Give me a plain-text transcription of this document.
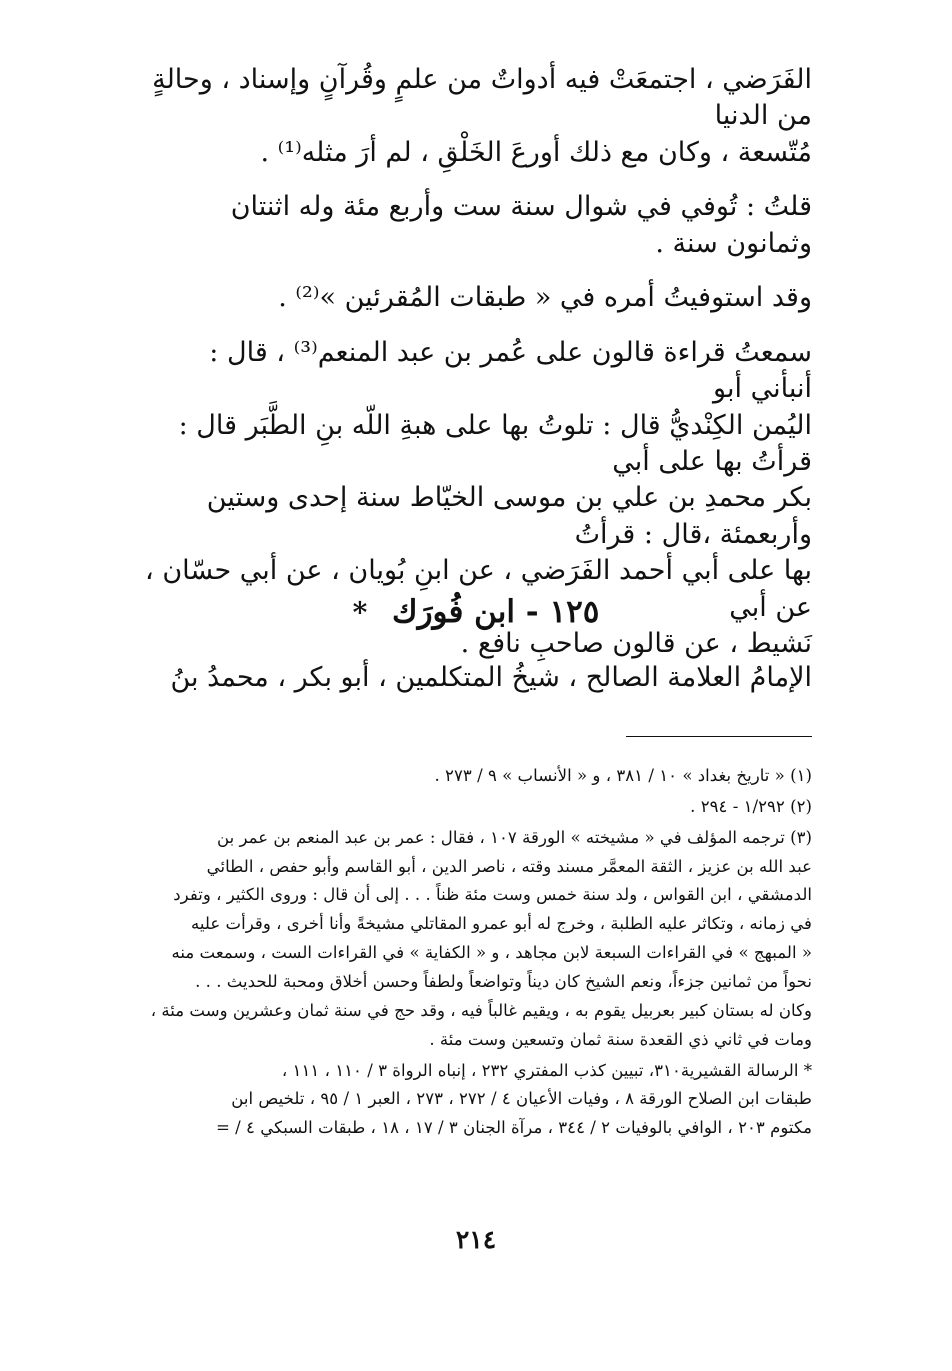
الفَرَضي ، اجتمعَتْ فيه أدواتٌ من علمٍ وقُرآنٍ وإسناد ، وحالةٍ من الدنيا
مُتّسعة ، وكان مع ذلك أورعَ الخَلْقِ ، لم أرَ مثله⁽¹⁾ .

قلتُ : تُوفي في شوال سنة ست وأربع مئة وله اثنتان وثمانون سنة .

وقد استوفيتُ أمره في « طبقات المُقرئين »⁽²⁾ .

سمعتُ قراءة قالون على عُمر بن عبد المنعم⁽³⁾ ، قال : أنبأني أبو
اليُمن الكِنْديُّ قال : تلوتُ بها على هبةِ اللّه بنِ الطَّبَر قال : قرأتُ بها على أبي
بكر محمدِ بن علي بن موسى الخيّاط سنة إحدى وستين وأربعمئة ،قال : قرأتُ
بها على أبي أحمد الفَرَضي ، عن ابنِ بُويان ، عن أبي حسّان ، عن أبي
نَشيط ، عن قالون صاحبِ نافع .

١٢٥ - ابن فُورَك *
الإمامُ العلامة الصالح ، شيخُ المتكلمين ، أبو بكر ، محمدُ بنُ

(١) « تاريخ بغداد » ١٠ / ٣٨١ ، و « الأنساب » ٩ / ٢٧٣ .

(٢) ١/٢٩٢ - ٢٩٤ .

(٣) ترجمه المؤلف في « مشيخته » الورقة ١٠٧ ، فقال : عمر بن عبد المنعم بن عمر بن
عبد الله بن عزيز ، الثقة المعمَّر مسند وقته ، ناصر الدين ، أبو القاسم وأبو حفص ، الطائي
الدمشقي ، ابن القواس ، ولد سنة خمس وست مئة ظناً . . . إلى أن قال : وروى الكثير ، وتفرد
في زمانه ، وتكاثر عليه الطلبة ، وخرج له أبو عمرو المقاتلي مشيخةً وأنا أخرى ، وقرأت عليه
« المبهج » في القراءات السبعة لابن مجاهد ، و « الكفاية » في القراءات الست ، وسمعت منه
نحواً من ثمانين جزءاً، ونعم الشيخ كان ديناً وتواضعاً ولطفاً وحسن أخلاق ومحبة للحديث . . .
وكان له بستان كبير بعربيل يقوم به ، ويقيم غالباً فيه ، وقد حج في سنة ثمان وعشرين وست مئة ،
ومات في ثاني ذي القعدة سنة ثمان وتسعين وست مئة .

* الرسالة القشيرية٣١٠، تبيين كذب المفتري ٢٣٢ ، إنباه الرواة ٣ / ١١٠ ، ١١١ ،
طبقات ابن الصلاح الورقة ٨ ، وفيات الأعيان ٤ / ٢٧٢ ، ٢٧٣ ، العبر ١ / ٩٥ ، تلخيص ابن
مكتوم ٢٠٣ ، الوافي بالوفيات ٢ / ٣٤٤ ، مرآة الجنان ٣ / ١٧ ، ١٨ ، طبقات السبكي ٤ / =

٢١٤
